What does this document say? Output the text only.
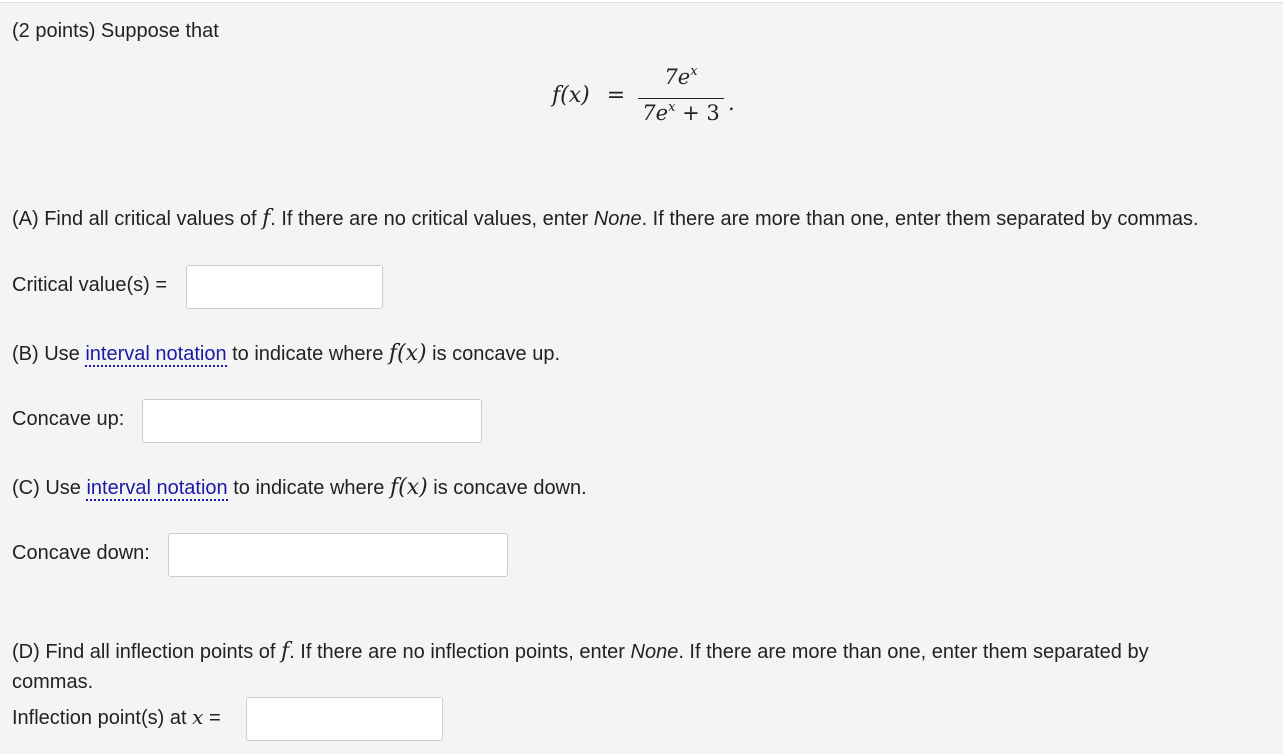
(2 points) Suppose that
f(x) =
$7e^x$
$7e^x + 3$ .
(A) Find all critical values of f. If there are no critical values, enter None. If there are more than one, enter them separated by commas.
Critical value(s) =
(B) Use interval notation to indicate where f(x) is concave up.
Concave up:
(C) Use interval notation to indicate where f(x) is concave down.
Concave down:
(D) Find all inflection points of f. If there are no inflection points, enter None. If there are more than one, enter them separated by
commas.
Inflection point(s) at x =
